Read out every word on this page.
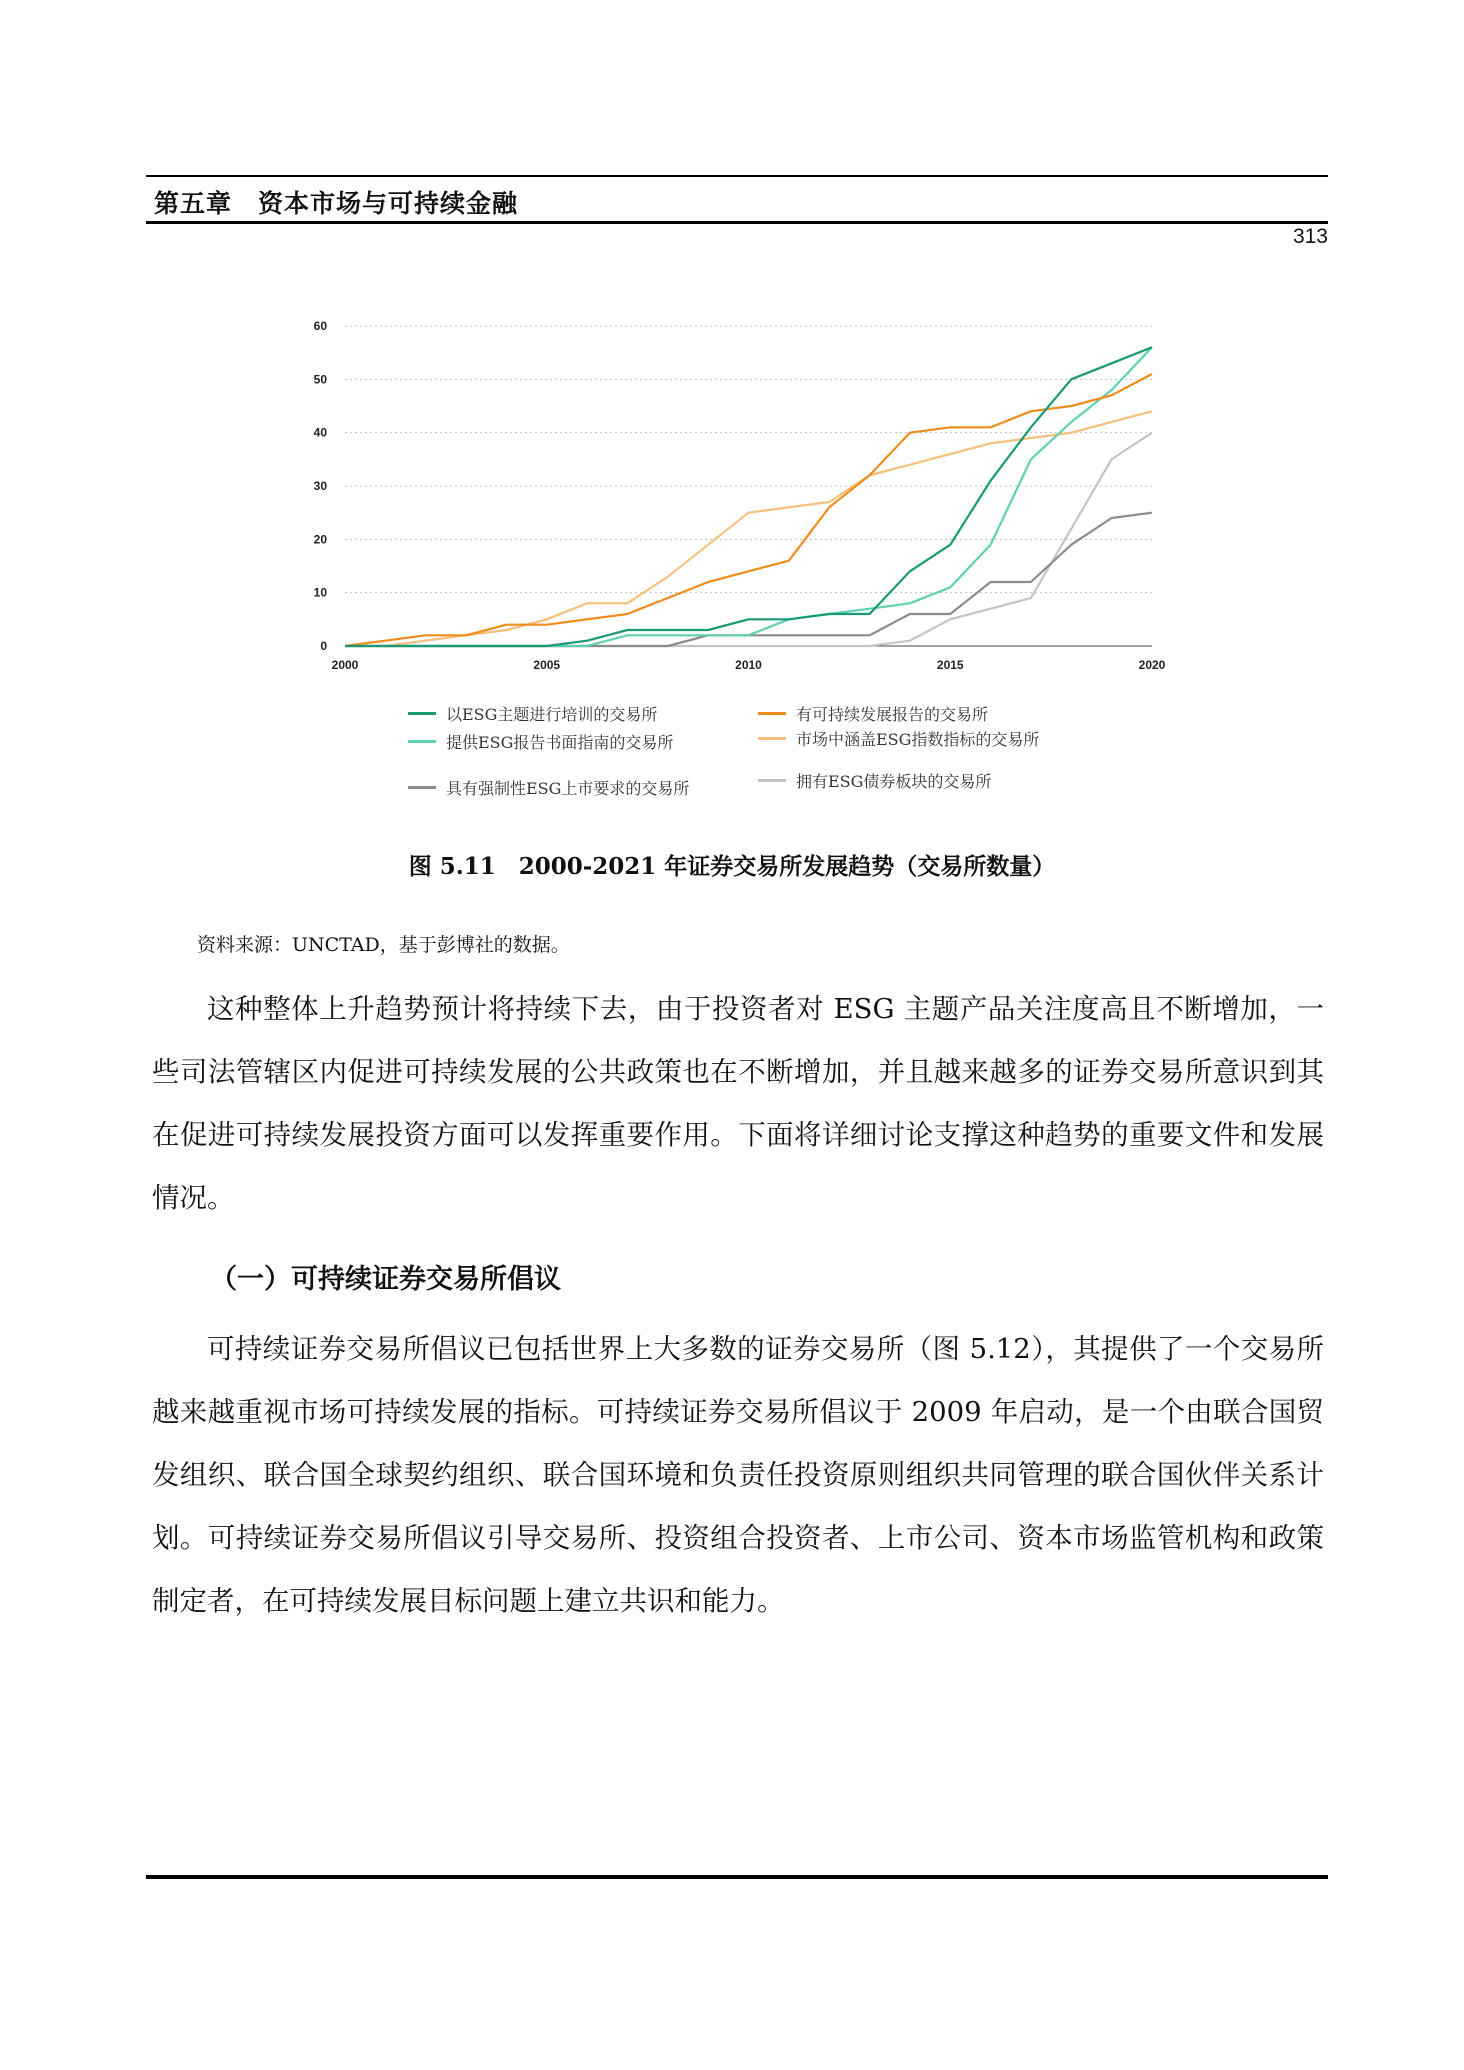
第五章　资本市场与可持续金融
313
0
10
20
30
40
50
60
2000	2005	2010	2015	2020
以ESG主题进行培训的交易所	有可持续发展报告的交易所
提供ESG报告书面指南的交易所	市场中涵盖ESG指数指标的交易所
具有强制性ESG上市要求的交易所	拥有ESG债券板块的交易所
图 5.11　2000-2021 年证券交易所发展趋势（交易所数量）
资料来源：UNCTAD，基于彭博社的数据。

这种整体上升趋势预计将持续下去，由于投资者对 ESG 主题产品关注度高且不断增加，一些司法管辖区内促进可持续发展的公共政策也在不断增加，并且越来越多的证券交易所意识到其在促进可持续发展投资方面可以发挥重要作用。下面将详细讨论支撑这种趋势的重要文件和发展情况。

（一）可持续证券交易所倡议

可持续证券交易所倡议已包括世界上大多数的证券交易所（图 5.12），其提供了一个交易所越来越重视市场可持续发展的指标。可持续证券交易所倡议于 2009 年启动，是一个由联合国贸发组织、联合国全球契约组织、联合国环境和负责任投资原则组织共同管理的联合国伙伴关系计划。可持续证券交易所倡议引导交易所、投资组合投资者、上市公司、资本市场监管机构和政策制定者，在可持续发展目标问题上建立共识和能力。
